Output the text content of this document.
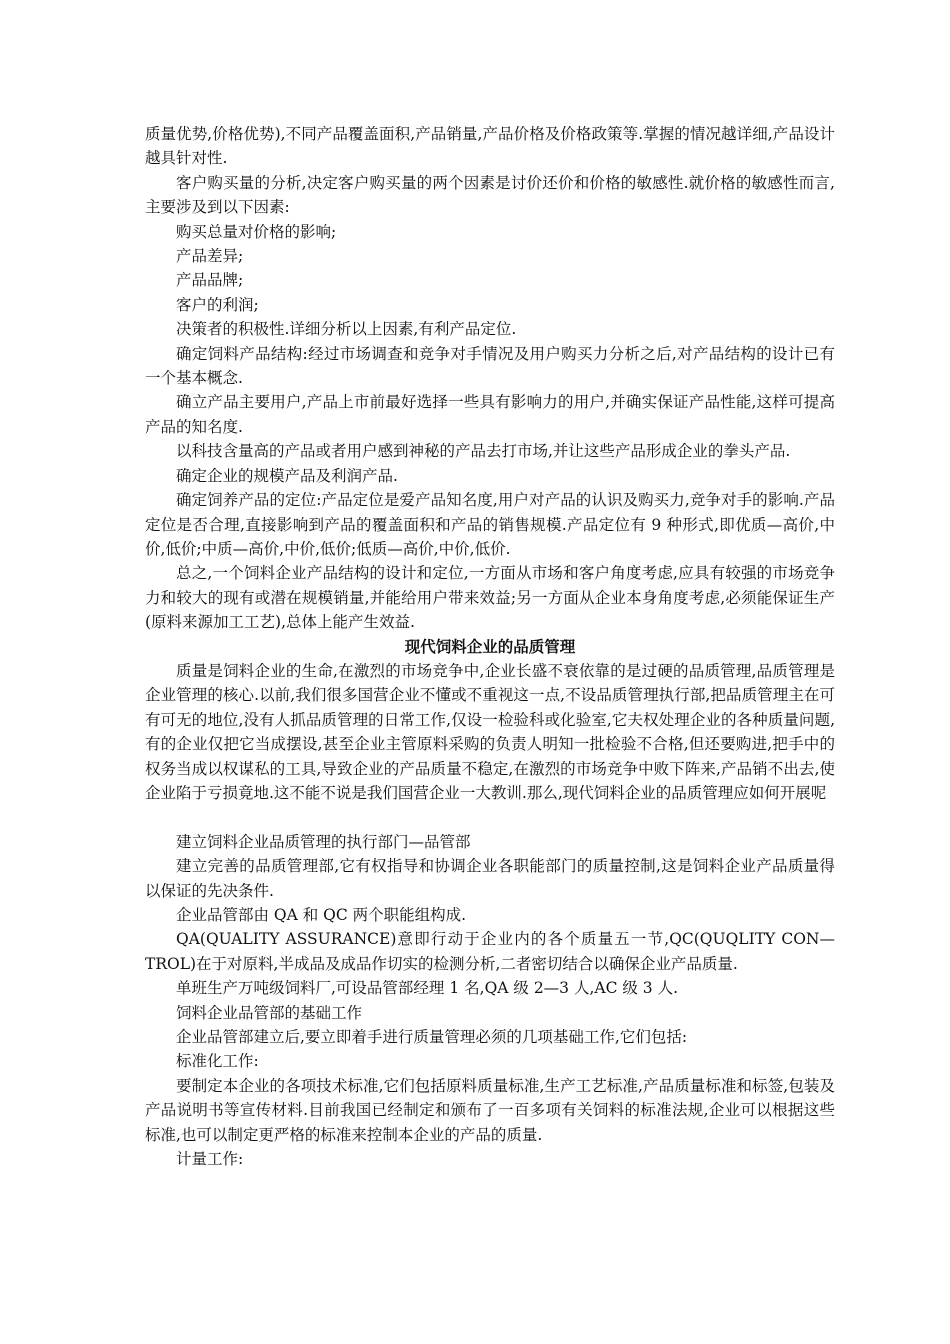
质量优势,价格优势),不同产品覆盖面积,产品销量,产品价格及价格政策等.掌握的情况越详细,产品设计越具针对性.

客户购买量的分析,决定客户购买量的两个因素是讨价还价和价格的敏感性.就价格的敏感性而言,主要涉及到以下因素:

购买总量对价格的影响;

产品差异;

产品品牌;

客户的利润;

决策者的积极性.详细分析以上因素,有利产品定位.

确定饲料产品结构:经过市场调查和竞争对手情况及用户购买力分析之后,对产品结构的设计已有一个基本概念.

确立产品主要用户,产品上市前最好选择一些具有影响力的用户,并确实保证产品性能,这样可提高产品的知名度.

以科技含量高的产品或者用户感到神秘的产品去打市场,并让这些产品形成企业的拳头产品.

确定企业的规模产品及利润产品.

确定饲养产品的定位:产品定位是爱产品知名度,用户对产品的认识及购买力,竞争对手的影响.产品定位是否合理,直接影响到产品的覆盖面积和产品的销售规模.产品定位有 9 种形式,即优质—高价,中价,低价;中质—高价,中价,低价;低质—高价,中价,低价.

总之,一个饲料企业产品结构的设计和定位,一方面从市场和客户角度考虑,应具有较强的市场竞争力和较大的现有或潜在规模销量,并能给用户带来效益;另一方面从企业本身角度考虑,必须能保证生产(原料来源加工工艺),总体上能产生效益.

现代饲料企业的品质管理

质量是饲料企业的生命,在激烈的市场竞争中,企业长盛不衰依靠的是过硬的品质管理,品质管理是企业管理的核心.以前,我们很多国营企业不懂或不重视这一点,不设品质管理执行部,把品质管理主在可有可无的地位,没有人抓品质管理的日常工作,仅设一检验科或化验室,它夫权处理企业的各种质量问题,有的企业仅把它当成摆设,甚至企业主管原料采购的负责人明知一批检验不合格,但还要购进,把手中的权务当成以权谋私的工具,导致企业的产品质量不稳定,在激烈的市场竞争中败下阵来,产品销不出去,使企业陷于亏损竟地.这不能不说是我们国营企业一大教训.那么,现代饲料企业的品质管理应如何开展呢

建立饲料企业品质管理的执行部门—品管部

建立完善的品质管理部,它有权指导和协调企业各职能部门的质量控制,这是饲料企业产品质量得以保证的先决条件.

企业品管部由 QA 和 QC 两个职能组构成.

QA(QUALITY ASSURANCE)意即行动于企业内的各个质量五一节,QC(QUQLITY CON—TROL)在于对原料,半成品及成品作切实的检测分析,二者密切结合以确保企业产品质量.

单班生产万吨级饲料厂,可设品管部经理 1 名,QA 级 2—3 人,AC 级 3 人.

饲料企业品管部的基础工作

企业品管部建立后,要立即着手进行质量管理必须的几项基础工作,它们包括:

标准化工作:

要制定本企业的各项技术标准,它们包括原料质量标准,生产工艺标准,产品质量标准和标签,包装及产品说明书等宣传材料.目前我国已经制定和颁布了一百多项有关饲料的标准法规,企业可以根据这些标准,也可以制定更严格的标准来控制本企业的产品的质量.

计量工作:
